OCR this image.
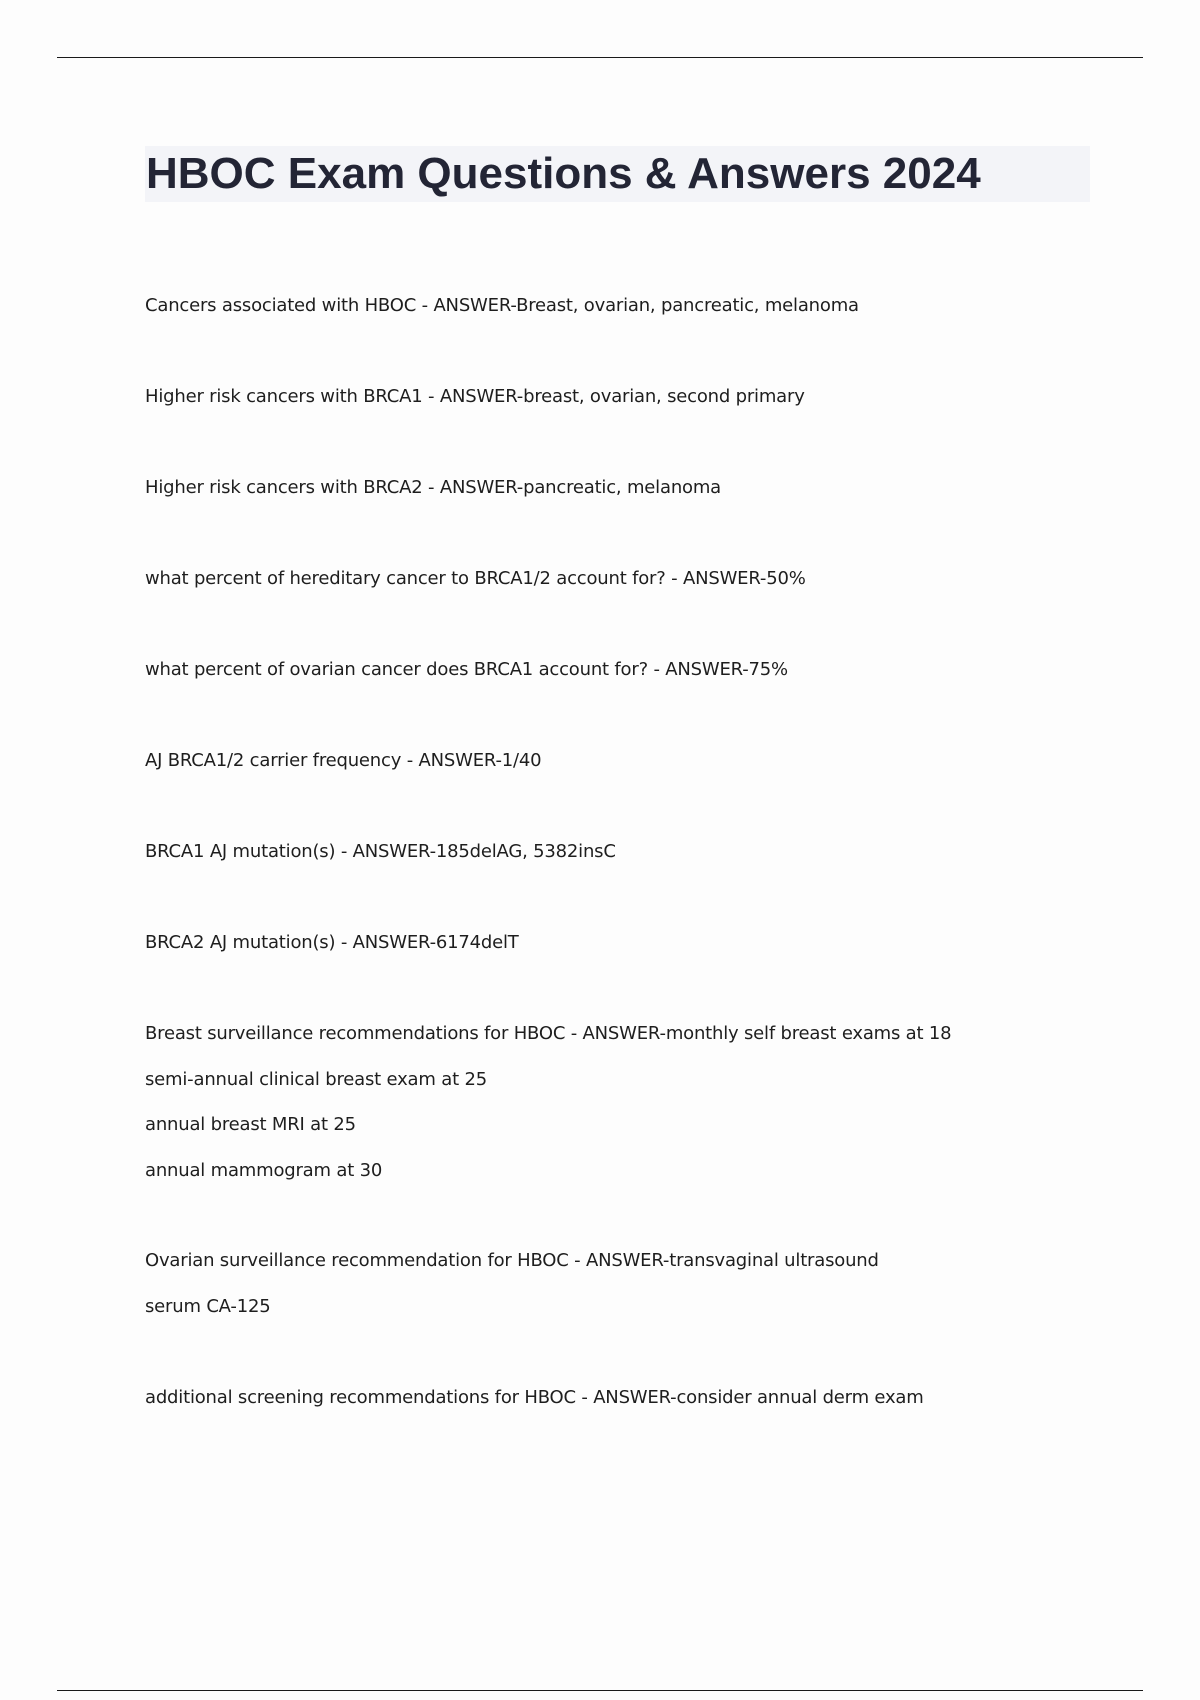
HBOC Exam Questions & Answers 2024
Cancers associated with HBOC - ANSWER-Breast, ovarian, pancreatic, melanoma
Higher risk cancers with BRCA1 - ANSWER-breast, ovarian, second primary
Higher risk cancers with BRCA2 - ANSWER-pancreatic, melanoma
what percent of hereditary cancer to BRCA1/2 account for? - ANSWER-50%
what percent of ovarian cancer does BRCA1 account for? - ANSWER-75%
AJ BRCA1/2 carrier frequency - ANSWER-1/40
BRCA1 AJ mutation(s) - ANSWER-185delAG, 5382insC
BRCA2 AJ mutation(s) - ANSWER-6174delT
Breast surveillance recommendations for HBOC - ANSWER-monthly self breast exams at 18
semi-annual clinical breast exam at 25
annual breast MRI at 25
annual mammogram at 30
Ovarian surveillance recommendation for HBOC - ANSWER-transvaginal ultrasound
serum CA-125
additional screening recommendations for HBOC - ANSWER-consider annual derm exam
